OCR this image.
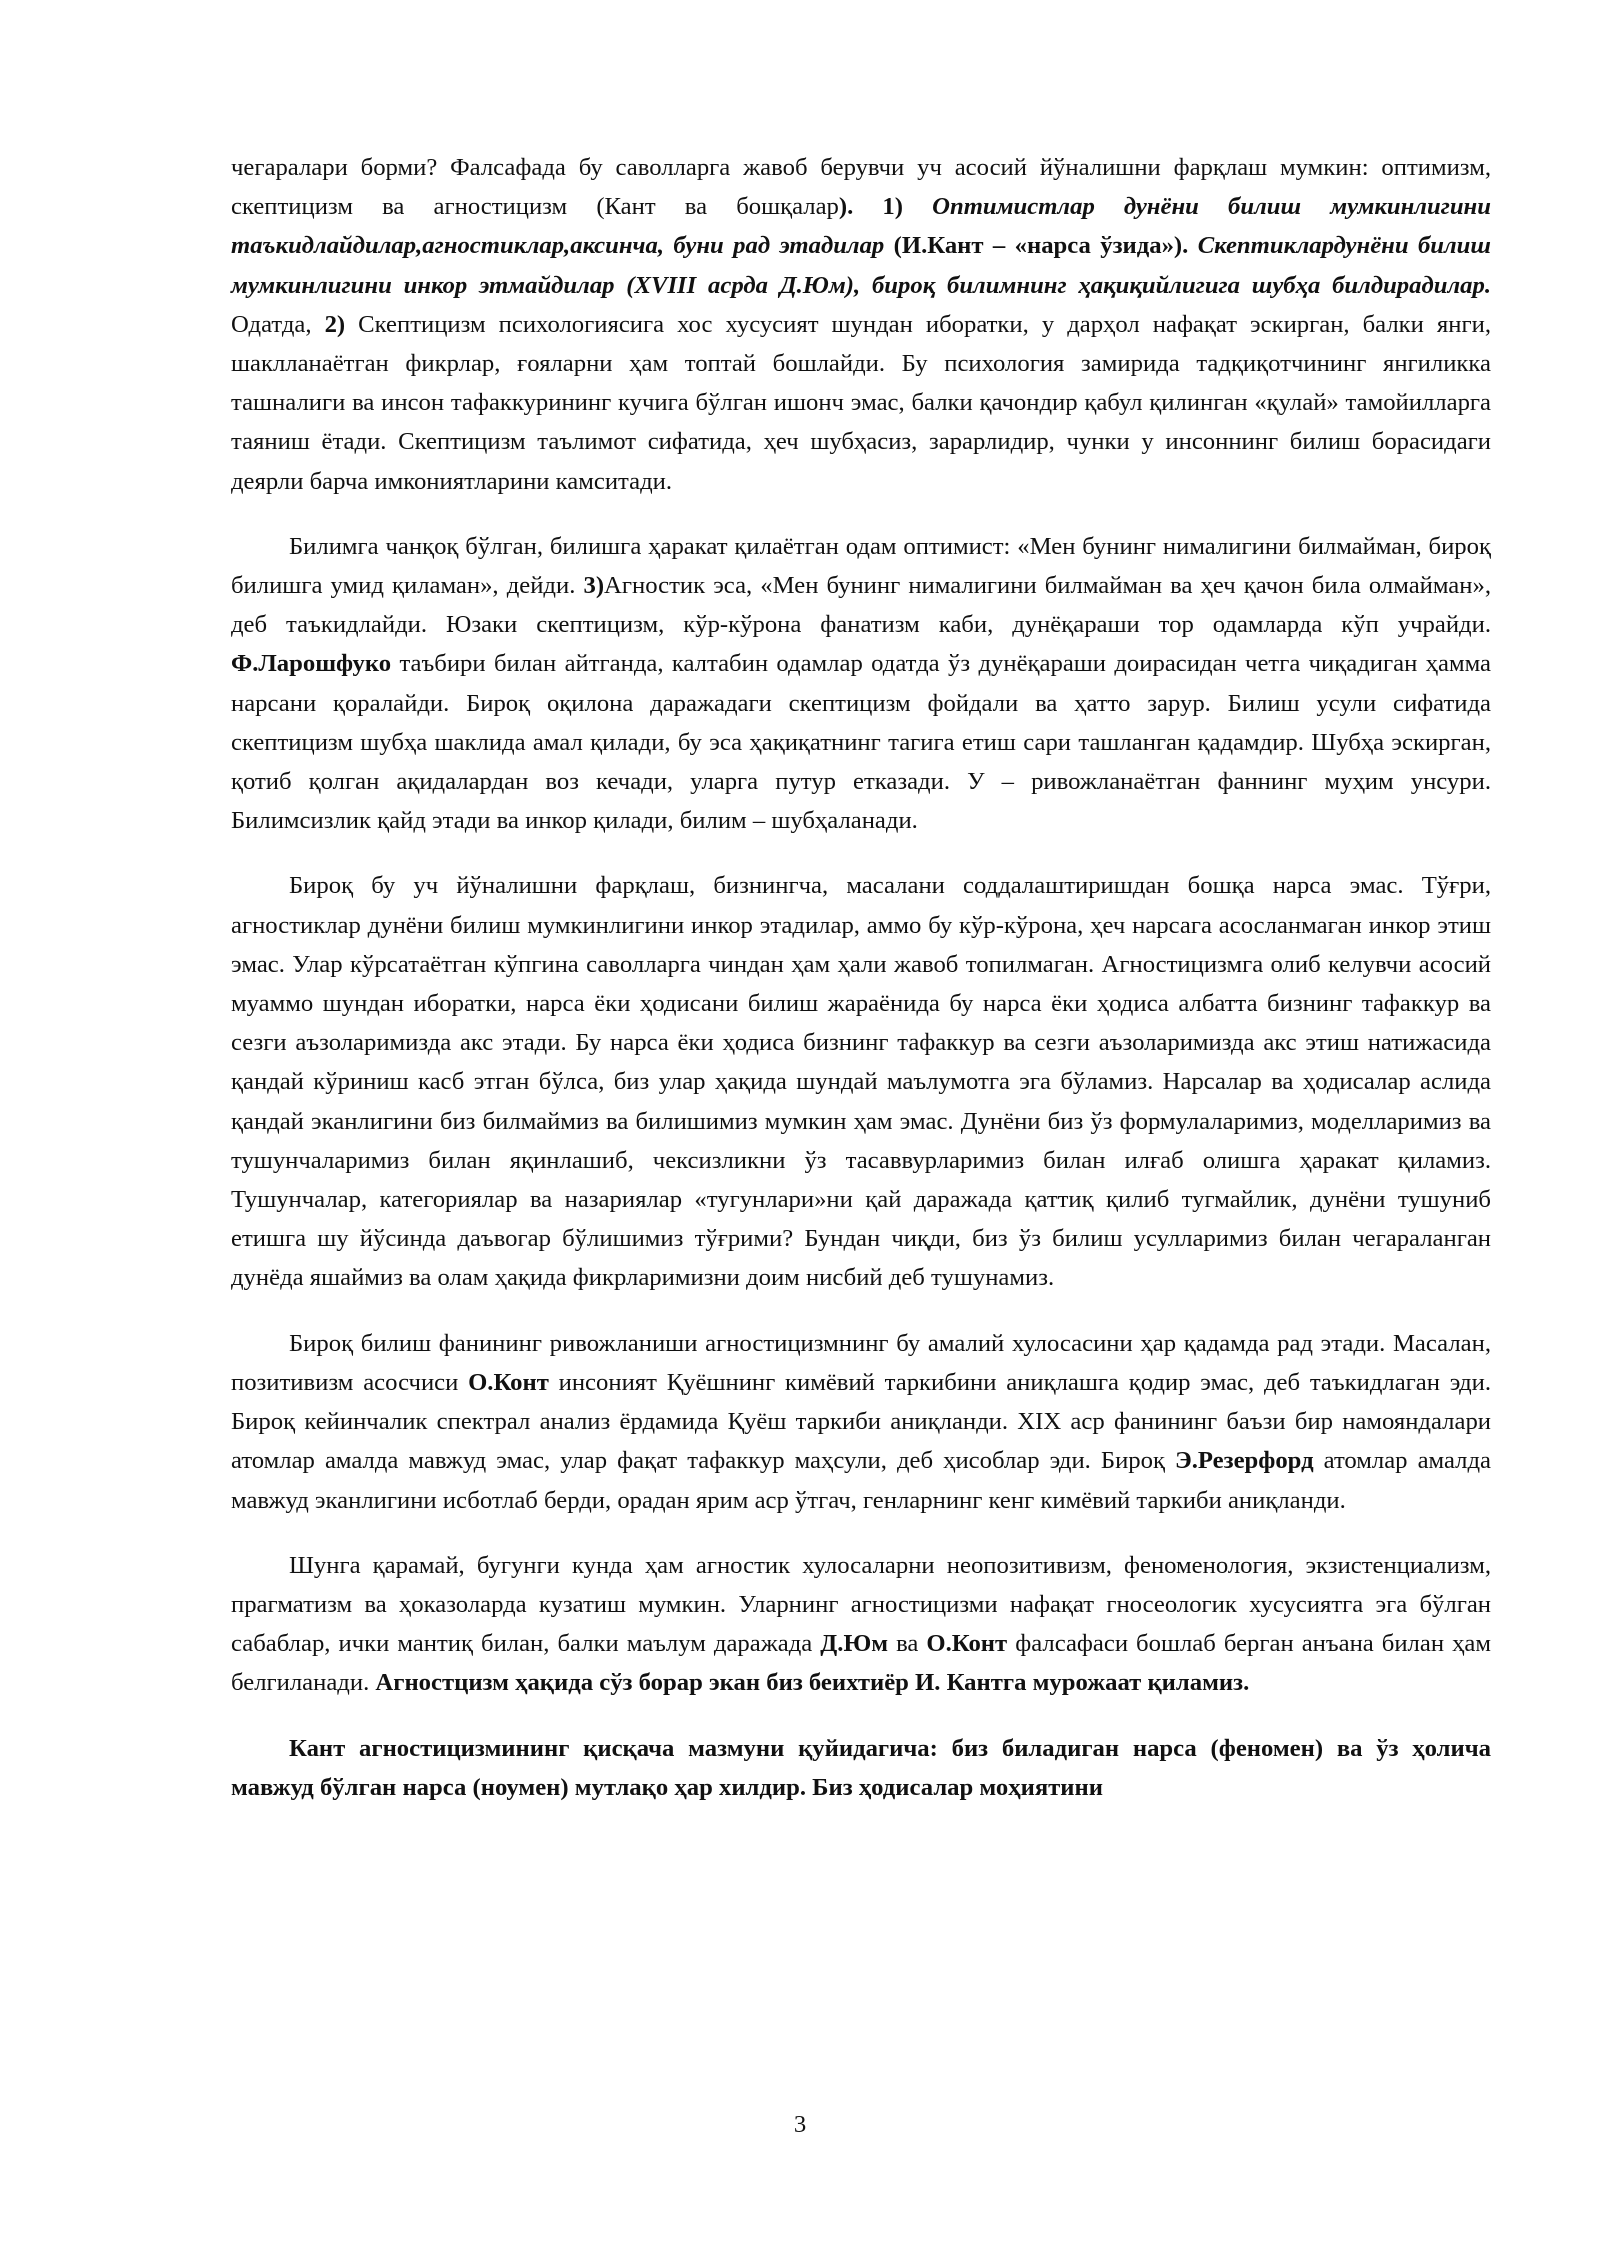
чегаралари борми? Фалсафада бу саволларга жавоб берувчи уч асосий йўналишни фарқлаш мумкин: оптимизм, скептицизм ва агностицизм (Кант ва бошқалар). 1) Оптимистлар дунёни билиш мумкинлигини таъкидлайдилар,агностиклар,аксинча, буни рад этадилар (И.Кант – «нарса ўзида»). Скептиклардунёни билиш мумкинлигини инкор этмайдилар (XVIII асрда Д.Юм), бироқ билимнинг ҳақиқийлигига шубҳа билдирадилар. Одатда, 2) Скептицизм психологиясига хос хусусият шундан иборатки, у дарҳол нафақат эскирган, балки янги, шаклланаётган фикрлар, ғояларни ҳам топтай бошлайди. Бу психология замирида тадқиқотчининг янгиликка ташналиги ва инсон тафаккурининг кучига бўлган ишонч эмас, балки қачондир қабул қилинган «қулай» тамойилларга таяниш ётади. Скептицизм таълимот сифатида, ҳеч шубҳасиз, зарарлидир, чунки у инсоннинг билиш борасидаги деярли барча имкониятларини камситади.

Билимга чанқоқ бўлган, билишга ҳаракат қилаётган одам оптимист: «Мен бунинг нималигини билмайман, бироқ билишга умид қиламан», дейди. 3)Агностик эса, «Мен бунинг нималигини билмайман ва ҳеч қачон била олмайман», деб таъкидлайди. Юзаки скептицизм, кўр-кўрона фанатизм каби, дунёқараши тор одамларда кўп учрайди. Ф.Ларошфуко таъбири билан айтганда, калтабин одамлар одатда ўз дунёқараши доирасидан четга чиқадиган ҳамма нарсани қоралайди. Бироқ оқилона даражадаги скептицизм фойдали ва ҳатто зарур. Билиш усули сифатида скептицизм шубҳа шаклида амал қилади, бу эса ҳақиқатнинг тагига етиш сари ташланган қадамдир. Шубҳа эскирган, қотиб қолган ақидалардан воз кечади, уларга путур етказади. У – ривожланаётган фаннинг муҳим унсури. Билимсизлик қайд этади ва инкор қилади, билим – шубҳаланади.

Бироқ бу уч йўналишни фарқлаш, бизнингча, масалани соддалаштиришдан бошқа нарса эмас. Тўғри, агностиклар дунёни билиш мумкинлигини инкор этадилар, аммо бу кўр-кўрона, ҳеч нарсага асосланмаган инкор этиш эмас. Улар кўрсатаётган кўпгина саволларга чиндан ҳам ҳали жавоб топилмаган. Агностицизмга олиб келувчи асосий муаммо шундан иборатки, нарса ёки ҳодисани билиш жараёнида бу нарса ёки ҳодиса албатта бизнинг тафаккур ва сезги аъзоларимизда акс этади. Бу нарса ёки ҳодиса бизнинг тафаккур ва сезги аъзоларимизда акс этиш натижасида қандай кўриниш касб этган бўлса, биз улар ҳақида шундай маълумотга эга бўламиз. Нарсалар ва ҳодисалар аслида қандай эканлигини биз билмаймиз ва билишимиз мумкин ҳам эмас. Дунёни биз ўз формулаларимиз, моделларимиз ва тушунчаларимиз билан яқинлашиб, чексизликни ўз тасаввурларимиз билан илғаб олишга ҳаракат қиламиз. Тушунчалар, категориялар ва назариялар «тугунлари»ни қай даражада қаттиқ қилиб тугмайлик, дунёни тушуниб етишга шу йўсинда даъвогар бўлишимиз тўғрими? Бундан чиқди, биз ўз билиш усулларимиз билан чегараланган дунёда яшаймиз ва олам ҳақида фикрларимизни доим нисбий деб тушунамиз.

Бироқ билиш фанининг ривожланиши агностицизмнинг бу амалий хулосасини ҳар қадамда рад этади. Масалан, позитивизм асосчиси О.Конт инсоният Қуёшнинг кимёвий таркибини аниқлашга қодир эмас, деб таъкидлаган эди. Бироқ кейинчалик спектрал анализ ёрдамида Қуёш таркиби аниқланди. XIX аср фанининг баъзи бир намояндалари атомлар амалда мавжуд эмас, улар фақат тафаккур маҳсули, деб ҳисоблар эди. Бироқ Э.Резерфорд атомлар амалда мавжуд эканлигини исботлаб берди, орадан ярим аср ўтгач, генларнинг кенг кимёвий таркиби аниқланди.

Шунга қарамай, бугунги кунда ҳам агностик хулосаларни неопозитивизм, феноменология, экзистенциализм, прагматизм ва ҳоказоларда кузатиш мумкин. Уларнинг агностицизми нафақат гносеологик хусусиятга эга бўлган сабаблар, ички мантиқ билан, балки маълум даражада Д.Юм ва О.Конт фалсафаси бошлаб берган анъана билан ҳам белгиланади. Агностцизм ҳақида сўз борар экан биз беихтиёр И. Кантга мурожаат қиламиз.

Кант агностицизмининг қисқача мазмуни қуйидагича: биз биладиган нарса (феномен) ва ўз ҳолича мавжуд бўлган нарса (ноумен) мутлақо ҳар хилдир. Биз ҳодисалар моҳиятини

3
